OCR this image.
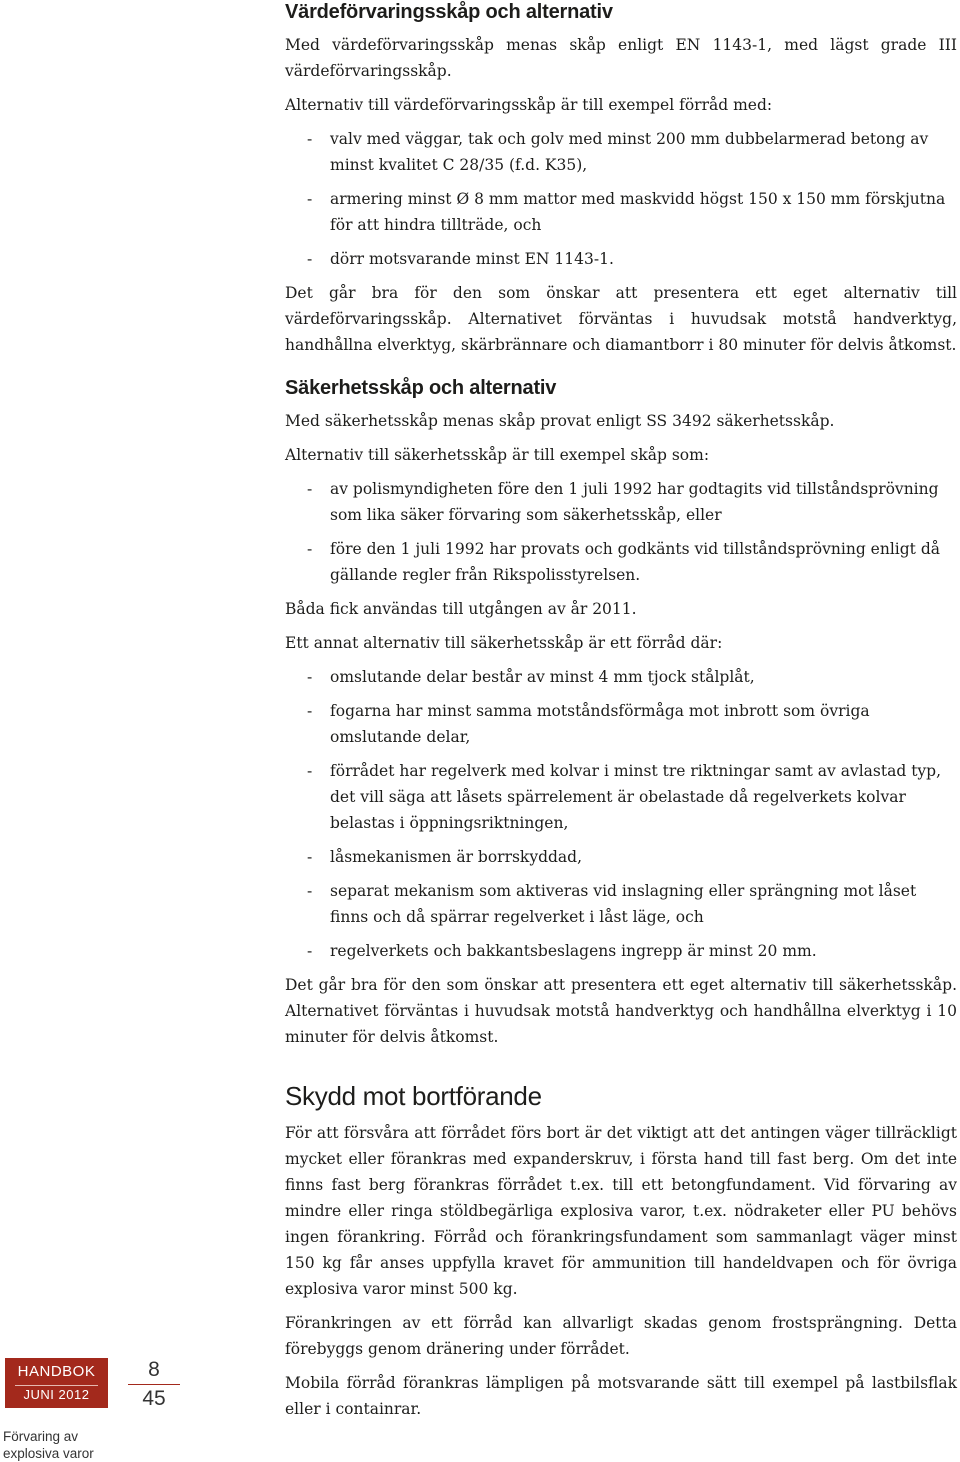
Värdeförvaringsskåp och alternativ

Med värdeförvaringsskåp menas skåp enligt EN 1143-1, med lägst grade III värdeförvaringsskåp.

Alternativ till värdeförvaringsskåp är till exempel förråd med:

- valv med väggar, tak och golv med minst 200 mm dubbelarmerad betong av minst kvalitet C 28/35 (f.d. K35),
- armering minst Ø 8 mm mattor med maskvidd högst 150 x 150 mm förskjutna för att hindra tillträde, och
- dörr motsvarande minst EN 1143-1.

Det går bra för den som önskar att presentera ett eget alternativ till värdeförvaringsskåp. Alternativet förväntas i huvudsak motstå handverktyg, handhållna elverktyg, skärbrännare och diamantborr i 80 minuter för delvis åtkomst.

Säkerhetsskåp och alternativ

Med säkerhetsskåp menas skåp provat enligt SS 3492 säkerhetsskåp.

Alternativ till säkerhetsskåp är till exempel skåp som:

- av polismyndigheten före den 1 juli 1992 har godtagits vid tillståndsprövning som lika säker förvaring som säkerhetsskåp, eller
- före den 1 juli 1992 har provats och godkänts vid tillståndsprövning enligt då gällande regler från Rikspolisstyrelsen.

Båda fick användas till utgången av år 2011.

Ett annat alternativ till säkerhetsskåp är ett förråd där:

- omslutande delar består av minst 4 mm tjock stålplåt,
- fogarna har minst samma motståndsförmåga mot inbrott som övriga omslutande delar,
- förrådet har regelverk med kolvar i minst tre riktningar samt av avlastad typ, det vill säga att låsets spärrelement är obelastade då regelverkets kolvar belastas i öppningsriktningen,
- låsmekanismen är borrskyddad,
- separat mekanism som aktiveras vid inslagning eller sprängning mot låset finns och då spärrar regelverket i låst läge, och
- regelverkets och bakkantsbeslagens ingrepp är minst 20 mm.

Det går bra för den som önskar att presentera ett eget alternativ till säkerhetsskåp. Alternativet förväntas i huvudsak motstå handverktyg och handhållna elverktyg i 10 minuter för delvis åtkomst.

Skydd mot bortförande

För att försvåra att förrådet förs bort är det viktigt att det antingen väger tillräckligt mycket eller förankras med expanderskruv, i första hand till fast berg. Om det inte finns fast berg förankras förrådet t.ex. till ett betongfundament. Vid förvaring av mindre eller ringa stöldbegärliga explosiva varor, t.ex. nödraketer eller PU behövs ingen förankring. Förråd och förankringsfundament som sammanlagt väger minst 150 kg får anses uppfylla kravet för ammunition till handeldvapen och för övriga explosiva varor minst 500 kg.

Förankringen av ett förråd kan allvarligt skadas genom frostsprängning. Detta förebyggs genom dränering under förrådet.

Mobila förråd förankras lämpligen på motsvarande sätt till exempel på lastbilsflak eller i containrar.

HANDBOK
JUNI 2012
8
45
Förvaring av
explosiva varor
